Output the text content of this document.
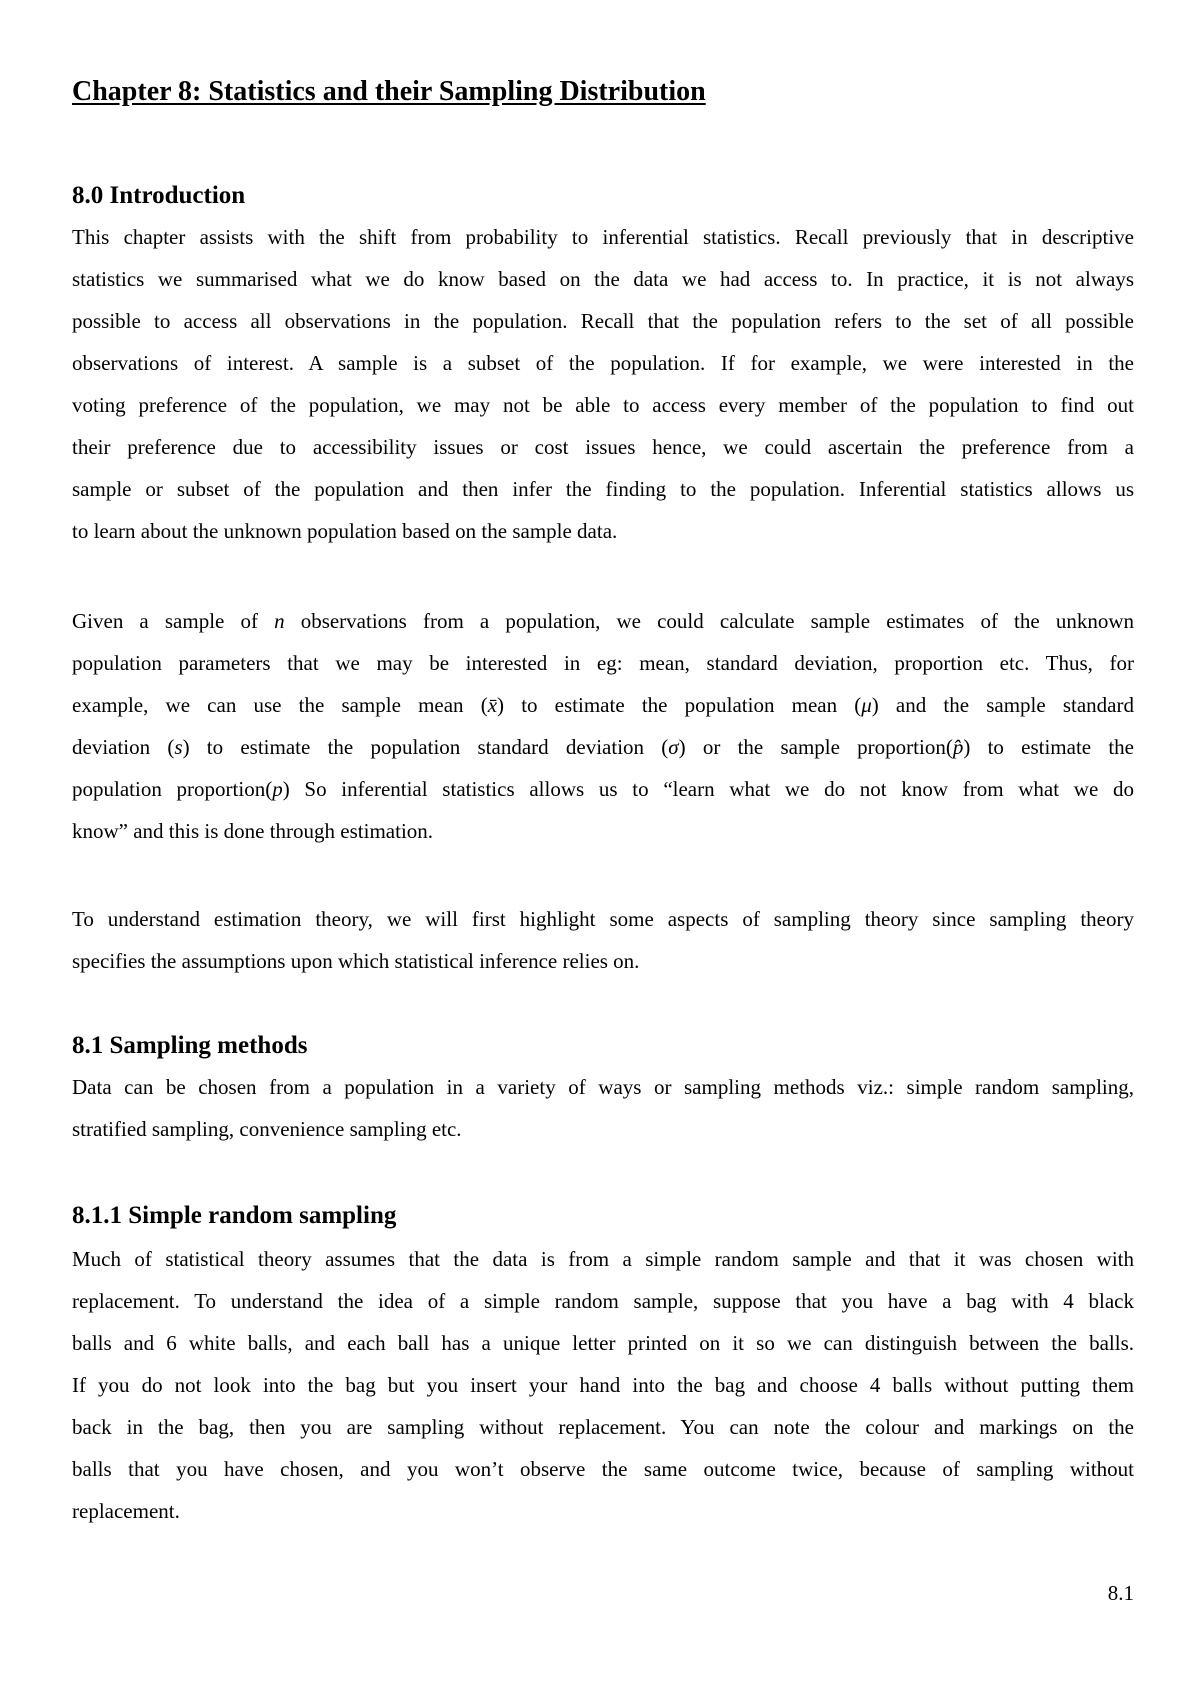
Chapter 8: Statistics and their Sampling Distribution
8.0 Introduction
This chapter assists with the shift from probability to inferential statistics. Recall previously that in descriptive
statistics we summarised what we do know based on the data we had access to. In practice, it is not always
possible to access all observations in the population. Recall that the population refers to the set of all possible
observations of interest. A sample is a subset of the population. If for example, we were interested in the
voting preference of the population, we may not be able to access every member of the population to find out
their preference due to accessibility issues or cost issues hence, we could ascertain the preference from a
sample or subset of the population and then infer the finding to the population. Inferential statistics allows us
to learn about the unknown population based on the sample data.
Given a sample of n observations from a population, we could calculate sample estimates of the unknown
population parameters that we may be interested in eg: mean, standard deviation, proportion etc. Thus, for
example, we can use the sample mean (x̄) to estimate the population mean (μ) and the sample standard
deviation (s) to estimate the population standard deviation (σ) or the sample proportion(p̂) to estimate the
population proportion(p) So inferential statistics allows us to “learn what we do not know from what we do
know” and this is done through estimation.
To understand estimation theory, we will first highlight some aspects of sampling theory since sampling theory
specifies the assumptions upon which statistical inference relies on.
8.1 Sampling methods
Data can be chosen from a population in a variety of ways or sampling methods viz.: simple random sampling,
stratified sampling, convenience sampling etc.
8.1.1 Simple random sampling
Much of statistical theory assumes that the data is from a simple random sample and that it was chosen with
replacement. To understand the idea of a simple random sample, suppose that you have a bag with 4 black
balls and 6 white balls, and each ball has a unique letter printed on it so we can distinguish between the balls.
If you do not look into the bag but you insert your hand into the bag and choose 4 balls without putting them
back in the bag, then you are sampling without replacement. You can note the colour and markings on the
balls that you have chosen, and you won’t observe the same outcome twice, because of sampling without
replacement.
8.1
